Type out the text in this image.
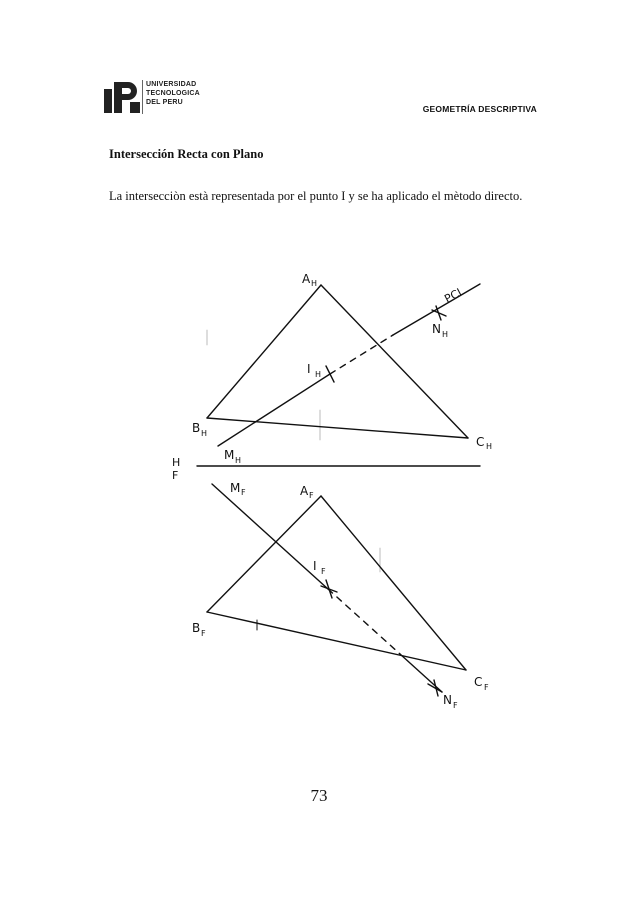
UNIVERSIDAD
TECNOLOGICA
DEL PERU
GEOMETRÍA DESCRIPTIVA
Intersección Recta con Plano
La intersecciòn està representada por el punto I y se ha aplicado el mètodo directo.
A H
B H
C H
I H
M H
N H
PCI
H
F
M F	A F
I F
B F
C F
N F
73
